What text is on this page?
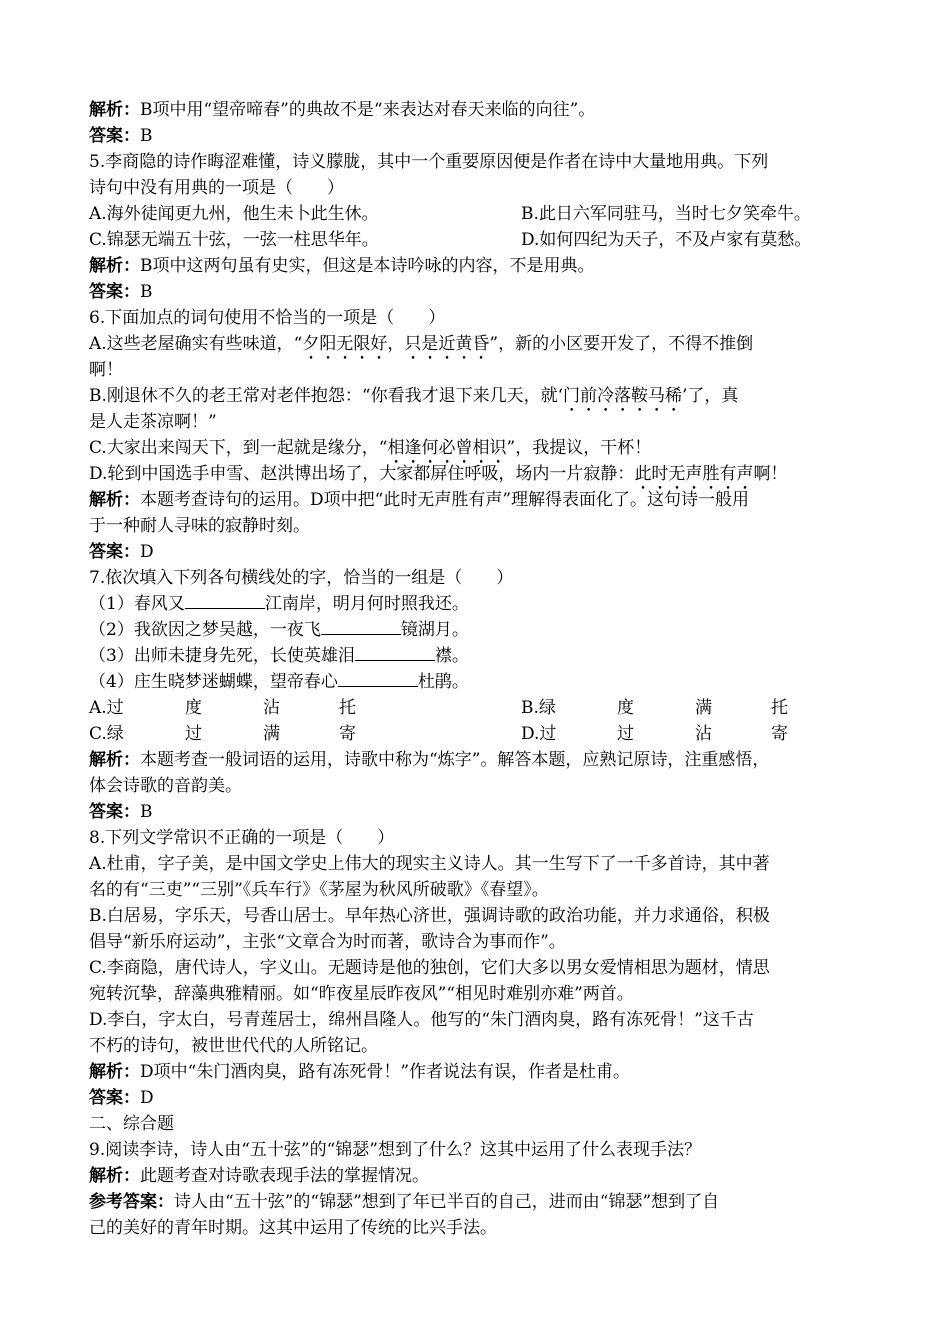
解析：B项中用“望帝啼春”的典故不是“来表达对春天来临的向往”。
答案：B
5.李商隐的诗作晦涩难懂，诗义朦胧，其中一个重要原因便是作者在诗中大量地用典。下列
诗句中没有用典的一项是（　　）
A.海外徒闻更九州，他生未卜此生休。	B.此日六军同驻马，当时七夕笑牵牛。
C.锦瑟无端五十弦，一弦一柱思华年。	D.如何四纪为天子，不及卢家有莫愁。
解析：B项中这两句虽有史实，但这是本诗吟咏的内容，不是用典。
答案：B
6.下面加点的词句使用不恰当的一项是（　　）
A.这些老屋确实有些味道，“夕阳无限好，只是近黄昏”，新的小区要开发了，不得不推倒
啊！
B.刚退休不久的老王常对老伴抱怨：“你看我才退下来几天，就‘门前冷落鞍马稀’了，真
是人走茶凉啊！”
C.大家出来闯天下，到一起就是缘分，“相逢何必曾相识”，我提议，干杯！
D.轮到中国选手申雪、赵洪博出场了，大家都屏住呼吸，场内一片寂静：此时无声胜有声啊！
解析：本题考查诗句的运用。D项中把“此时无声胜有声”理解得表面化了。这句诗一般用
于一种耐人寻味的寂静时刻。
答案：D
7.依次填入下列各句横线处的字，恰当的一组是（　　）
（1）春风又	江南岸，明月何时照我还。
（2）我欲因之梦吴越，一夜飞	镜湖月。
（3）出师未捷身先死，长使英雄泪	襟。
（4）庄生晓梦迷蝴蝶，望帝春心	杜鹃。
A.过	度	沾	托	B.绿	度	满	托
C.绿	过	满	寄	D.过	过	沾	寄
解析：本题考查一般词语的运用，诗歌中称为“炼字”。解答本题，应熟记原诗，注重感悟，
体会诗歌的音韵美。
答案：B
8.下列文学常识不正确的一项是（　　）
A.杜甫，字子美，是中国文学史上伟大的现实主义诗人。其一生写下了一千多首诗，其中著
名的有“三吏”“三别”《兵车行》《茅屋为秋风所破歌》《春望》。
B.白居易，字乐天，号香山居士。早年热心济世，强调诗歌的政治功能，并力求通俗，积极
倡导“新乐府运动”，主张“文章合为时而著，歌诗合为事而作”。
C.李商隐，唐代诗人，字义山。无题诗是他的独创，它们大多以男女爱情相思为题材，情思
宛转沉挚，辞藻典雅精丽。如“昨夜星辰昨夜风”“相见时难别亦难”两首。
D.李白，字太白，号青莲居士，绵州昌隆人。他写的“朱门酒肉臭，路有冻死骨！”这千古
不朽的诗句，被世世代代的人所铭记。
解析：D项中“朱门酒肉臭，路有冻死骨！”作者说法有误，作者是杜甫。
答案：D
二、综合题
9.阅读李诗，诗人由“五十弦”的“锦瑟”想到了什么？这其中运用了什么表现手法？
解析：此题考查对诗歌表现手法的掌握情况。
参考答案：诗人由“五十弦”的“锦瑟”想到了年已半百的自己，进而由“锦瑟”想到了自
己的美好的青年时期。这其中运用了传统的比兴手法。
